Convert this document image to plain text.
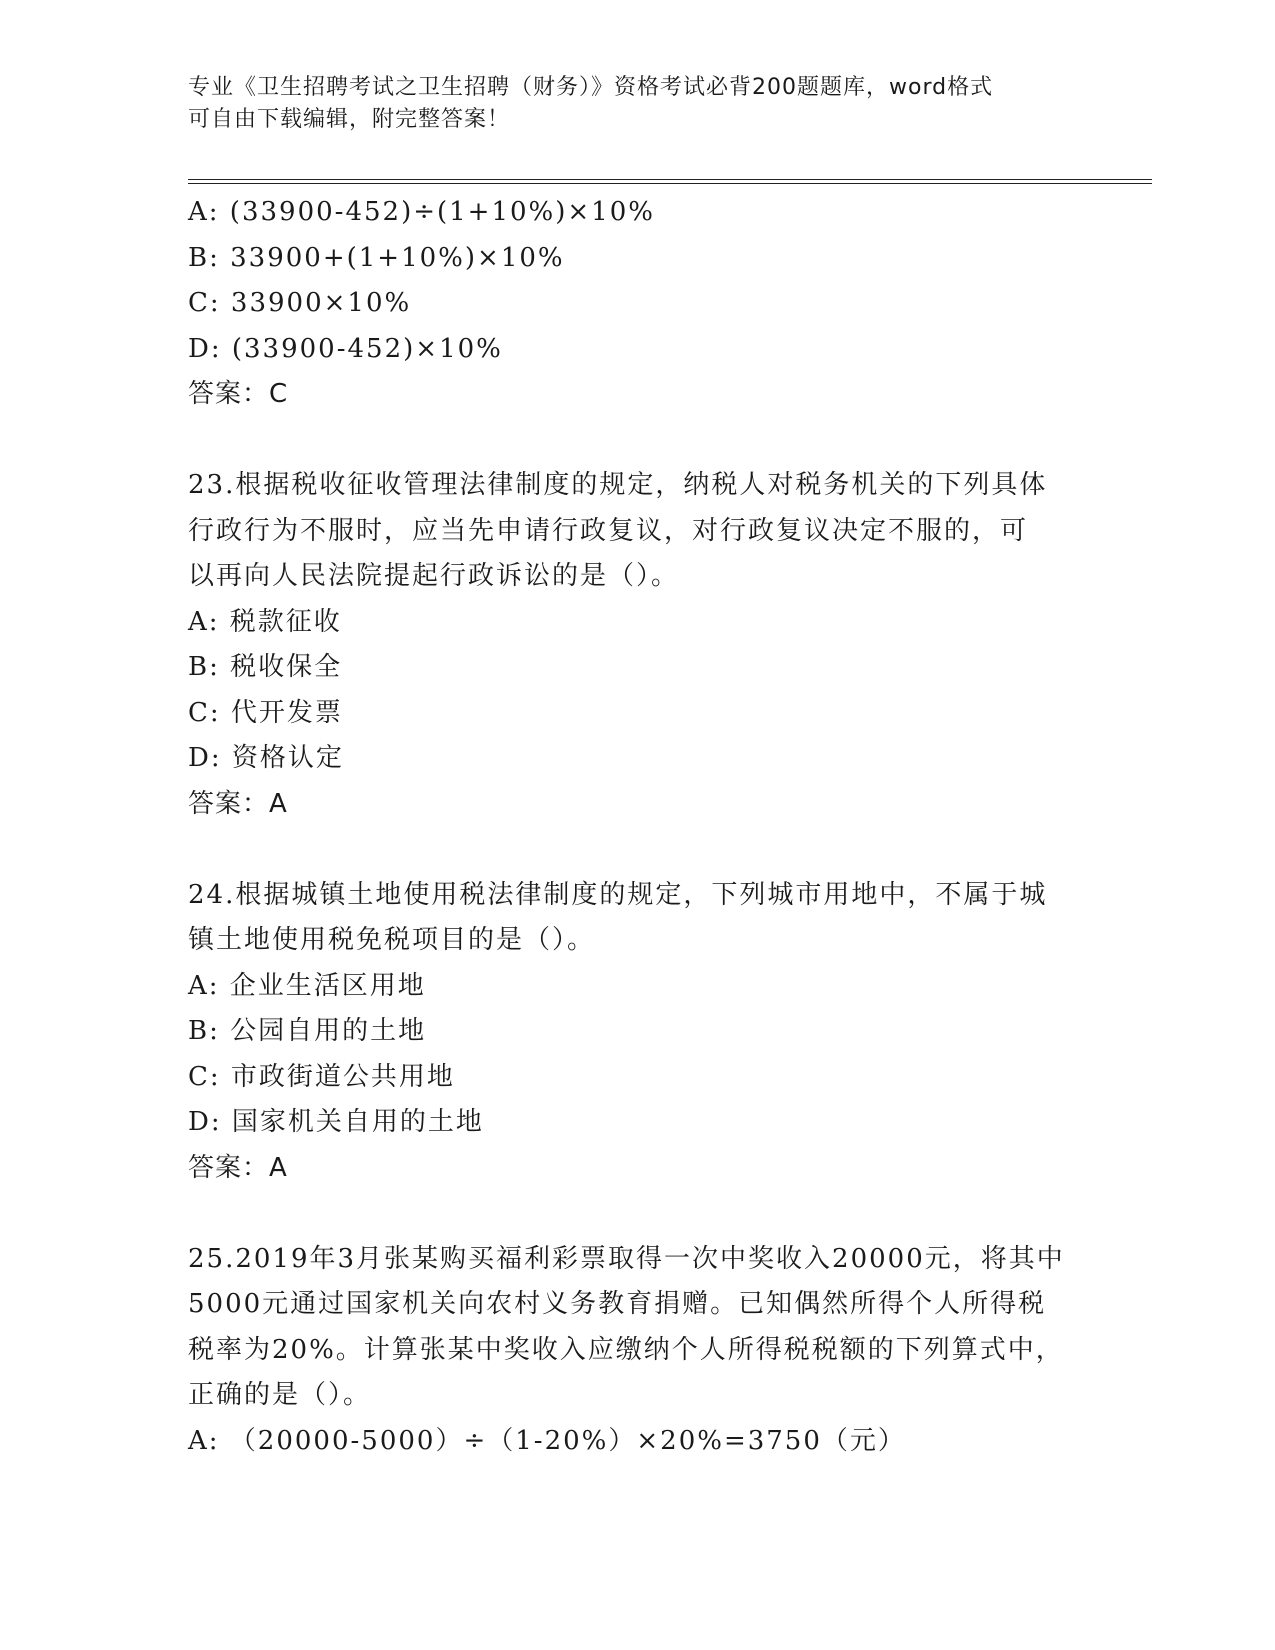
专业《卫生招聘考试之卫生招聘（财务）》资格考试必背200题题库，word格式
可自由下载编辑，附完整答案！
A: (33900-452)÷(1+10%)×10%
B: 33900+(1+10%)×10%
C: 33900×10%
D: (33900-452)×10%
答案：C
23.根据税收征收管理法律制度的规定，纳税人对税务机关的下列具体
行政行为不服时，应当先申请行政复议，对行政复议决定不服的，可
以再向人民法院提起行政诉讼的是（）。
A: 税款征收
B: 税收保全
C: 代开发票
D: 资格认定
答案：A
24.根据城镇土地使用税法律制度的规定，下列城市用地中，不属于城
镇土地使用税免税项目的是（）。
A: 企业生活区用地
B: 公园自用的土地
C: 市政街道公共用地
D: 国家机关自用的土地
答案：A
25.2019年3月张某购买福利彩票取得一次中奖收入20000元，将其中
5000元通过国家机关向农村义务教育捐赠。已知偶然所得个人所得税
税率为20%。计算张某中奖收入应缴纳个人所得税税额的下列算式中，
正确的是（）。
A: （20000-5000）÷（1-20%）×20%=3750（元）
